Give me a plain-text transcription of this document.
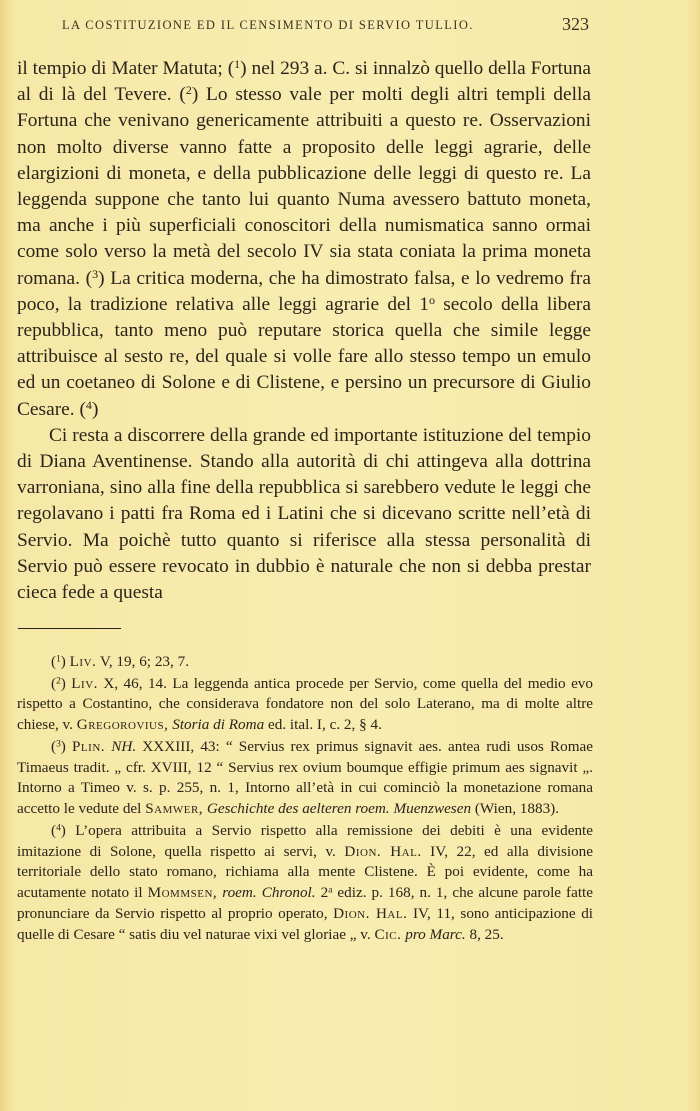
LA COSTITUZIONE ED IL CENSIMENTO DI SERVIO TULLIO.	323

il tempio di Mater Matuta; ($^1$) nel 293 a. C. si innalzò quello della Fortuna al di là del Tevere. ($^2$) Lo stesso vale per molti degli altri templi della Fortuna che venivano genericamente attribuiti a questo re. Osservazioni non molto diverse vanno fatte a proposito delle leggi agrarie, delle elargizioni di moneta, e della pubblicazione delle leggi di questo re. La leggenda suppone che tanto lui quanto Numa avessero battuto moneta, ma anche i più superficiali conoscitori della numismatica sanno ormai come solo verso la metà del secolo IV sia stata coniata la prima moneta romana. ($^3$) La critica moderna, che ha dimostrato falsa, e lo vedremo fra poco, la tradizione relativa alle leggi agrarie del 1$^o$ secolo della libera repubblica, tanto meno può reputare storica quella che simile legge attribuisce al sesto re, del quale si volle fare allo stesso tempo un emulo ed un coetaneo di Solone e di Clistene, e persino un precursore di Giulio Cesare. ($^4$)

Ci resta a discorrere della grande ed importante istituzione del tempio di Diana Aventinense. Stando alla autorità di chi attingeva alla dottrina varroniana, sino alla fine della repubblica si sarebbero vedute le leggi che regolavano i patti fra Roma ed i Latini che si dicevano scritte nell’età di Servio. Ma poichè tutto quanto si riferisce alla stessa personalità di Servio può essere revocato in dubbio è naturale che non si debba prestar cieca fede a questa

($^1$) Liv. V, 19, 6; 23, 7.

($^2$) Liv. X, 46, 14. La leggenda antica procede per Servio, come quella del medio evo rispetto a Costantino, che considerava fondatore non del solo Laterano, ma di molte altre chiese, v. Gregorovius, Storia di Roma ed. ital. I, c. 2, § 4.

($^3$) Plin. NH. XXXIII, 43: “ Servius rex primus signavit aes. antea rudi usos Romae Timaeus tradit. „ cfr. XVIII, 12 “ Servius rex ovium boumque effigie primum aes signavit „. Intorno a Timeo v. s. p. 255, n. 1, Intorno all’età in cui cominciò la monetazione romana accetto le vedute del Samwer, Geschichte des aelteren roem. Muenzwesen (Wien, 1883).

($^4$) L’opera attribuita a Servio rispetto alla remissione dei debiti è una evidente imitazione di Solone, quella rispetto ai servi, v. Dion. Hal. IV, 22, ed alla divisione territoriale dello stato romano, richiama alla mente Clistene. È poi evidente, come ha acutamente notato il Mommsen, roem. Chronol. 2$^a$ ediz. p. 168, n. 1, che alcune parole fatte pronunciare da Servio rispetto al proprio operato, Dion. Hal. IV, 11, sono anticipazione di quelle di Cesare “ satis diu vel naturae vixi vel gloriae „ v. Cic. pro Marc. 8, 25.
